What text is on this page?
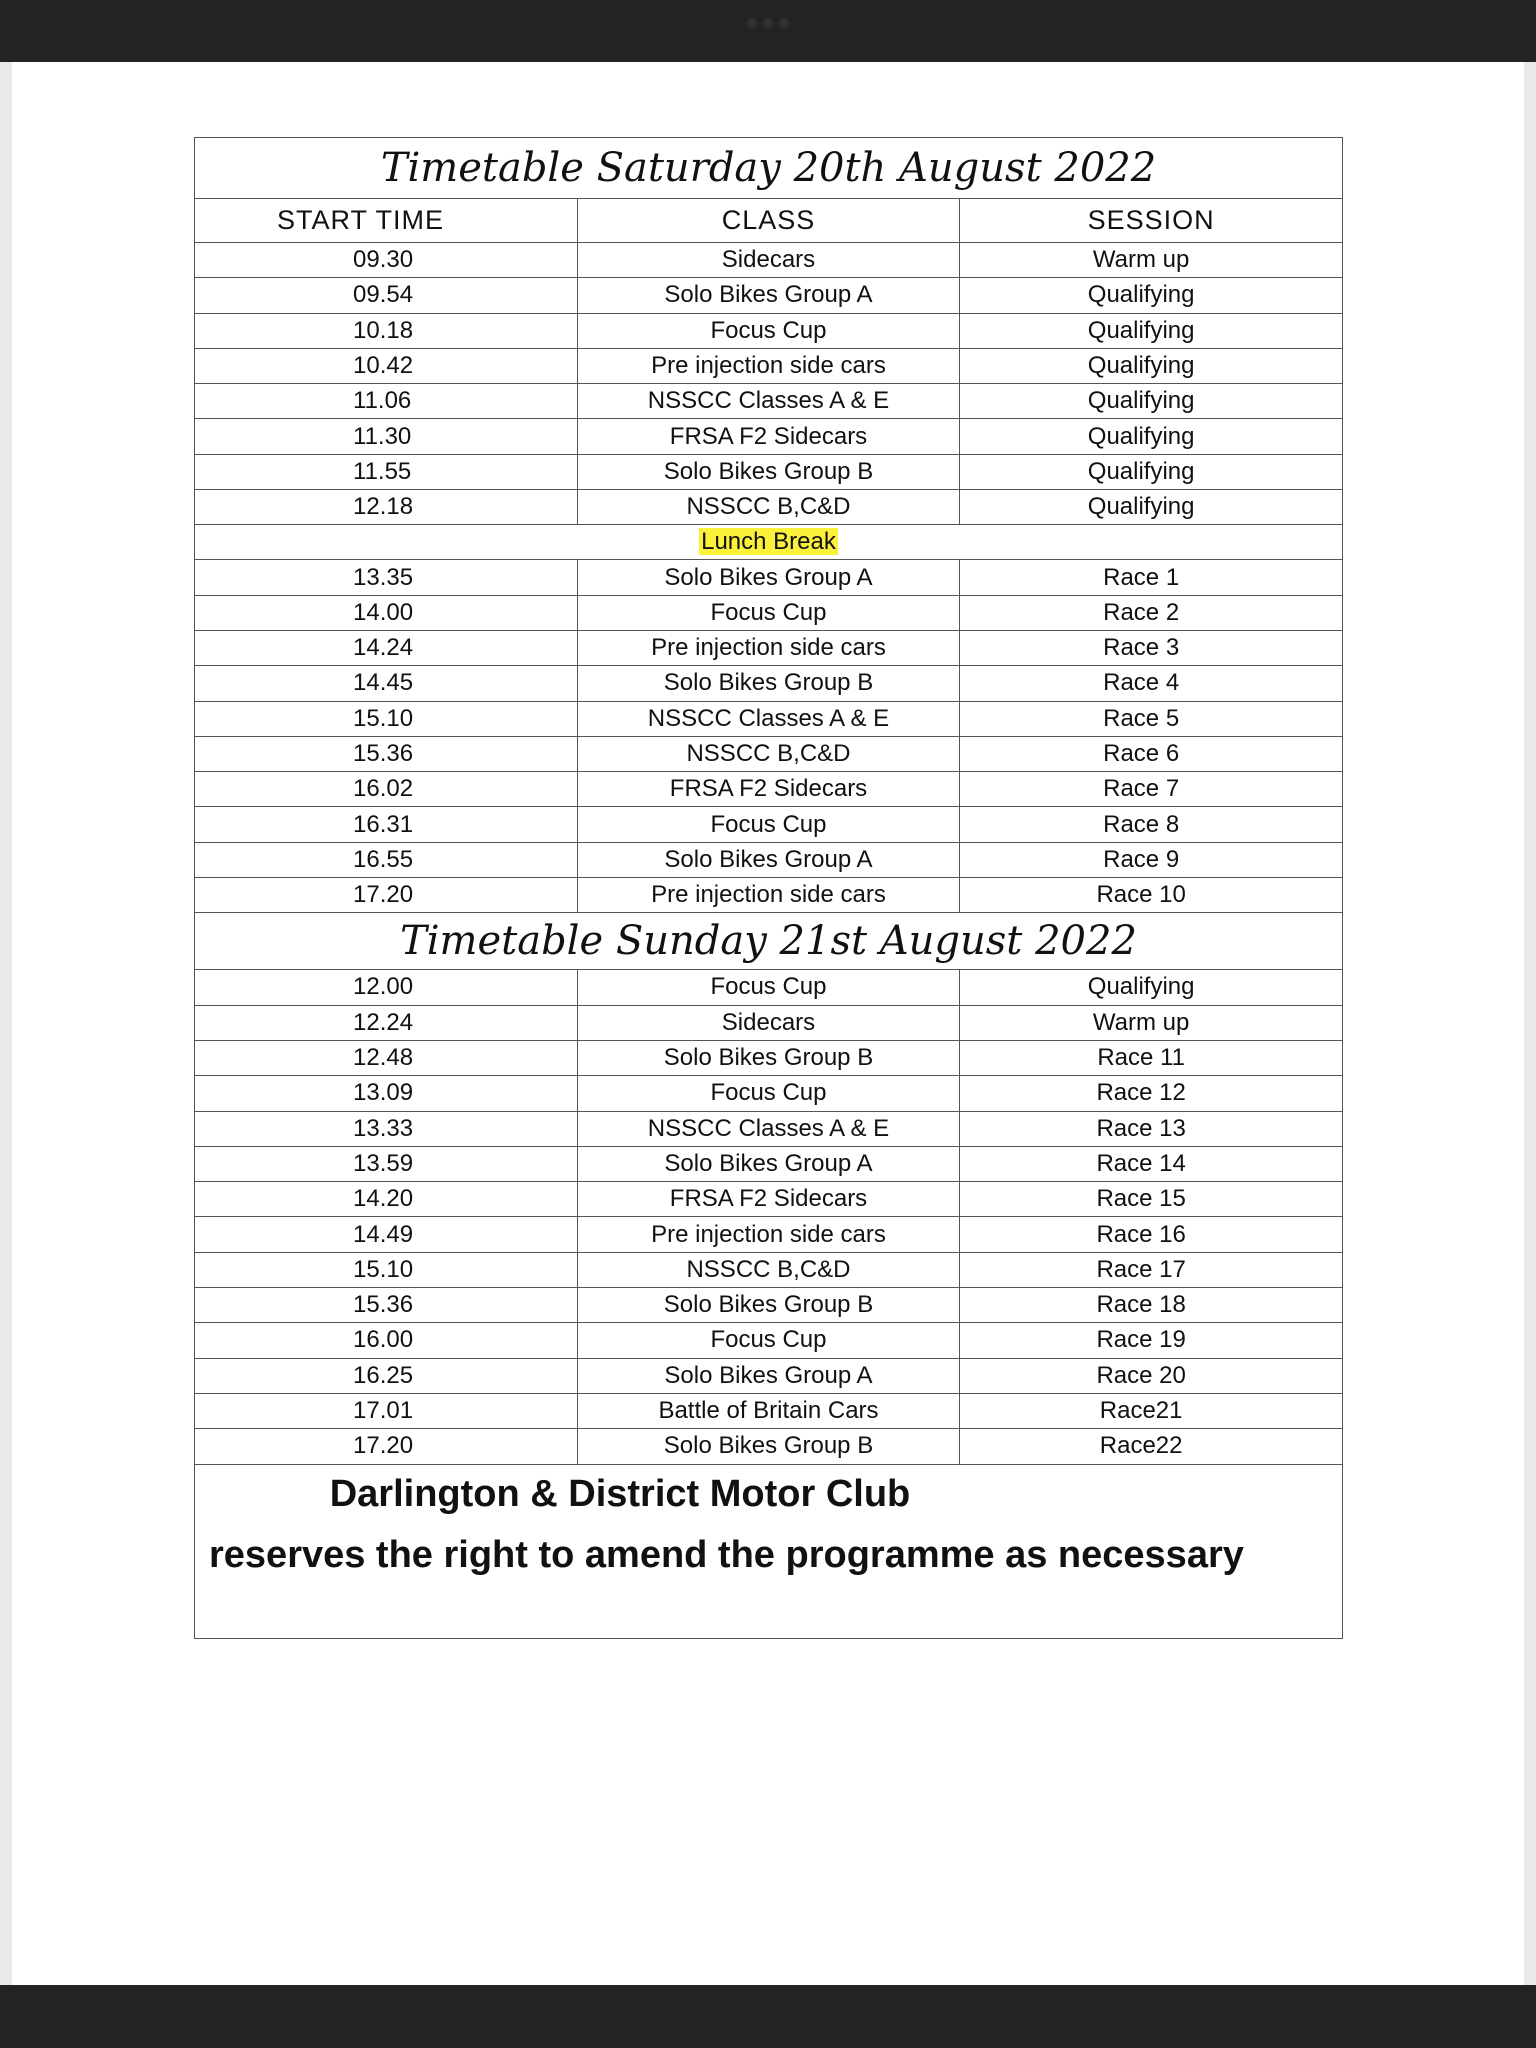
Timetable Saturday 20th August 2022		
START TIME	CLASS	SESSION
09.30	Sidecars	Warm up
09.54	Solo Bikes Group A	Qualifying
10.18	Focus Cup	Qualifying
10.42	Pre injection side cars	Qualifying
11.06	NSSCC Classes A & E	Qualifying
11.30	FRSA F2 Sidecars	Qualifying
11.55	Solo Bikes Group B	Qualifying
12.18	NSSCC B,C&D	Qualifying
Lunch Break		
13.35	Solo Bikes Group A	Race 1
14.00	Focus Cup	Race 2
14.24	Pre injection side cars	Race 3
14.45	Solo Bikes Group B	Race 4
15.10	NSSCC Classes A & E	Race 5
15.36	NSSCC B,C&D	Race 6
16.02	FRSA F2 Sidecars	Race 7
16.31	Focus Cup	Race 8
16.55	Solo Bikes Group A	Race 9
17.20	Pre injection side cars	Race 10
Timetable Sunday 21st August 2022		
12.00	Focus Cup	Qualifying
12.24	Sidecars	Warm up
12.48	Solo Bikes Group B	Race 11
13.09	Focus Cup	Race 12
13.33	NSSCC Classes A & E	Race 13
13.59	Solo Bikes Group A	Race 14
14.20	FRSA F2 Sidecars	Race 15
14.49	Pre injection side cars	Race 16
15.10	NSSCC B,C&D	Race 17
15.36	Solo Bikes Group B	Race 18
16.00	Focus Cup	Race 19
16.25	Solo Bikes Group A	Race 20
17.01	Battle of Britain Cars	Race21
17.20	Solo Bikes Group B	Race22

Darlington & District Motor Club
reserves the right to amend the programme as necessary		
